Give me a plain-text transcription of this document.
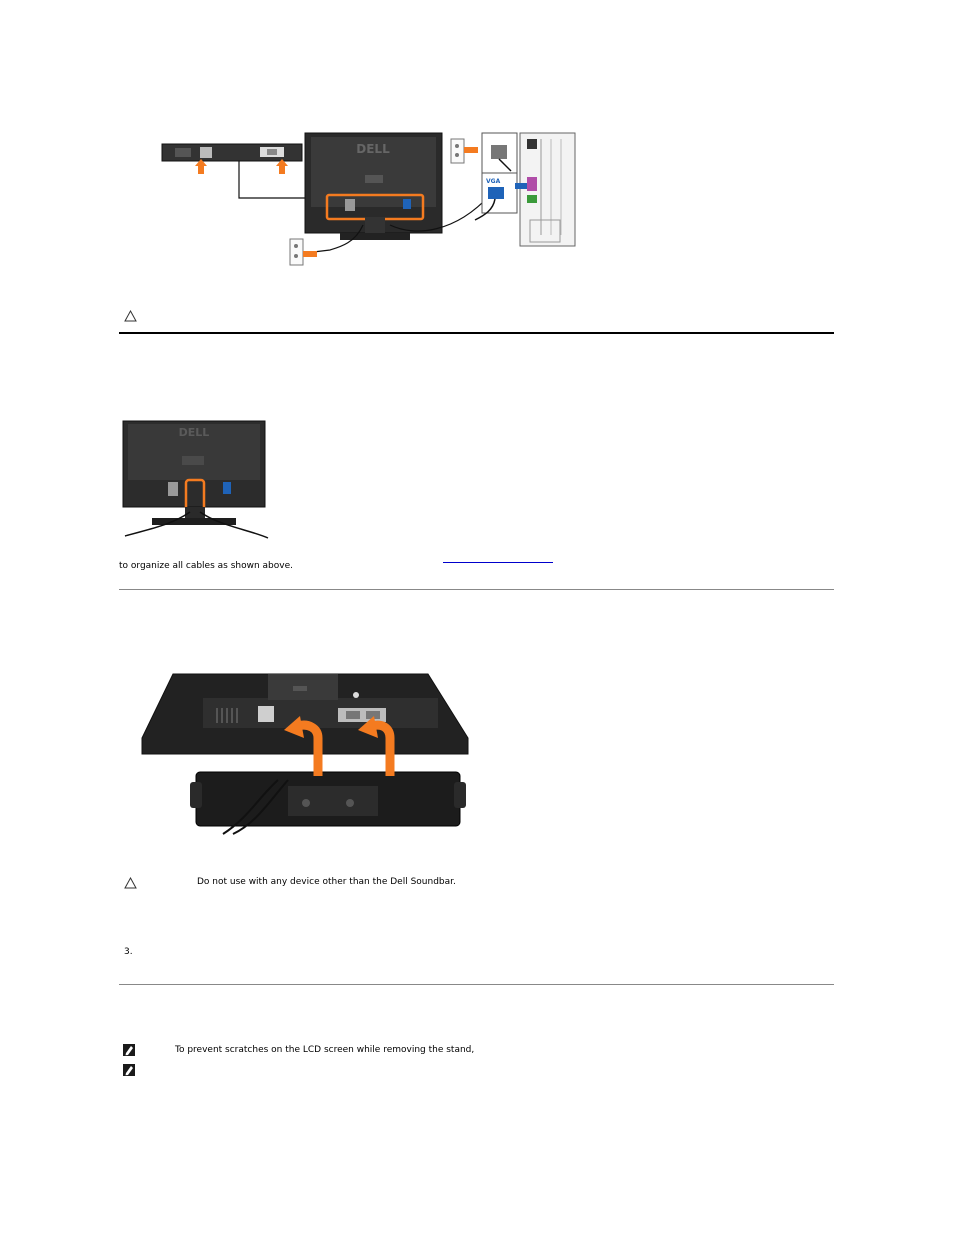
DELL
VGA
DELL
to organize all cables as shown above.
Do not use with any device other than the Dell Soundbar.
3.
To prevent scratches on the LCD screen while removing the stand,
